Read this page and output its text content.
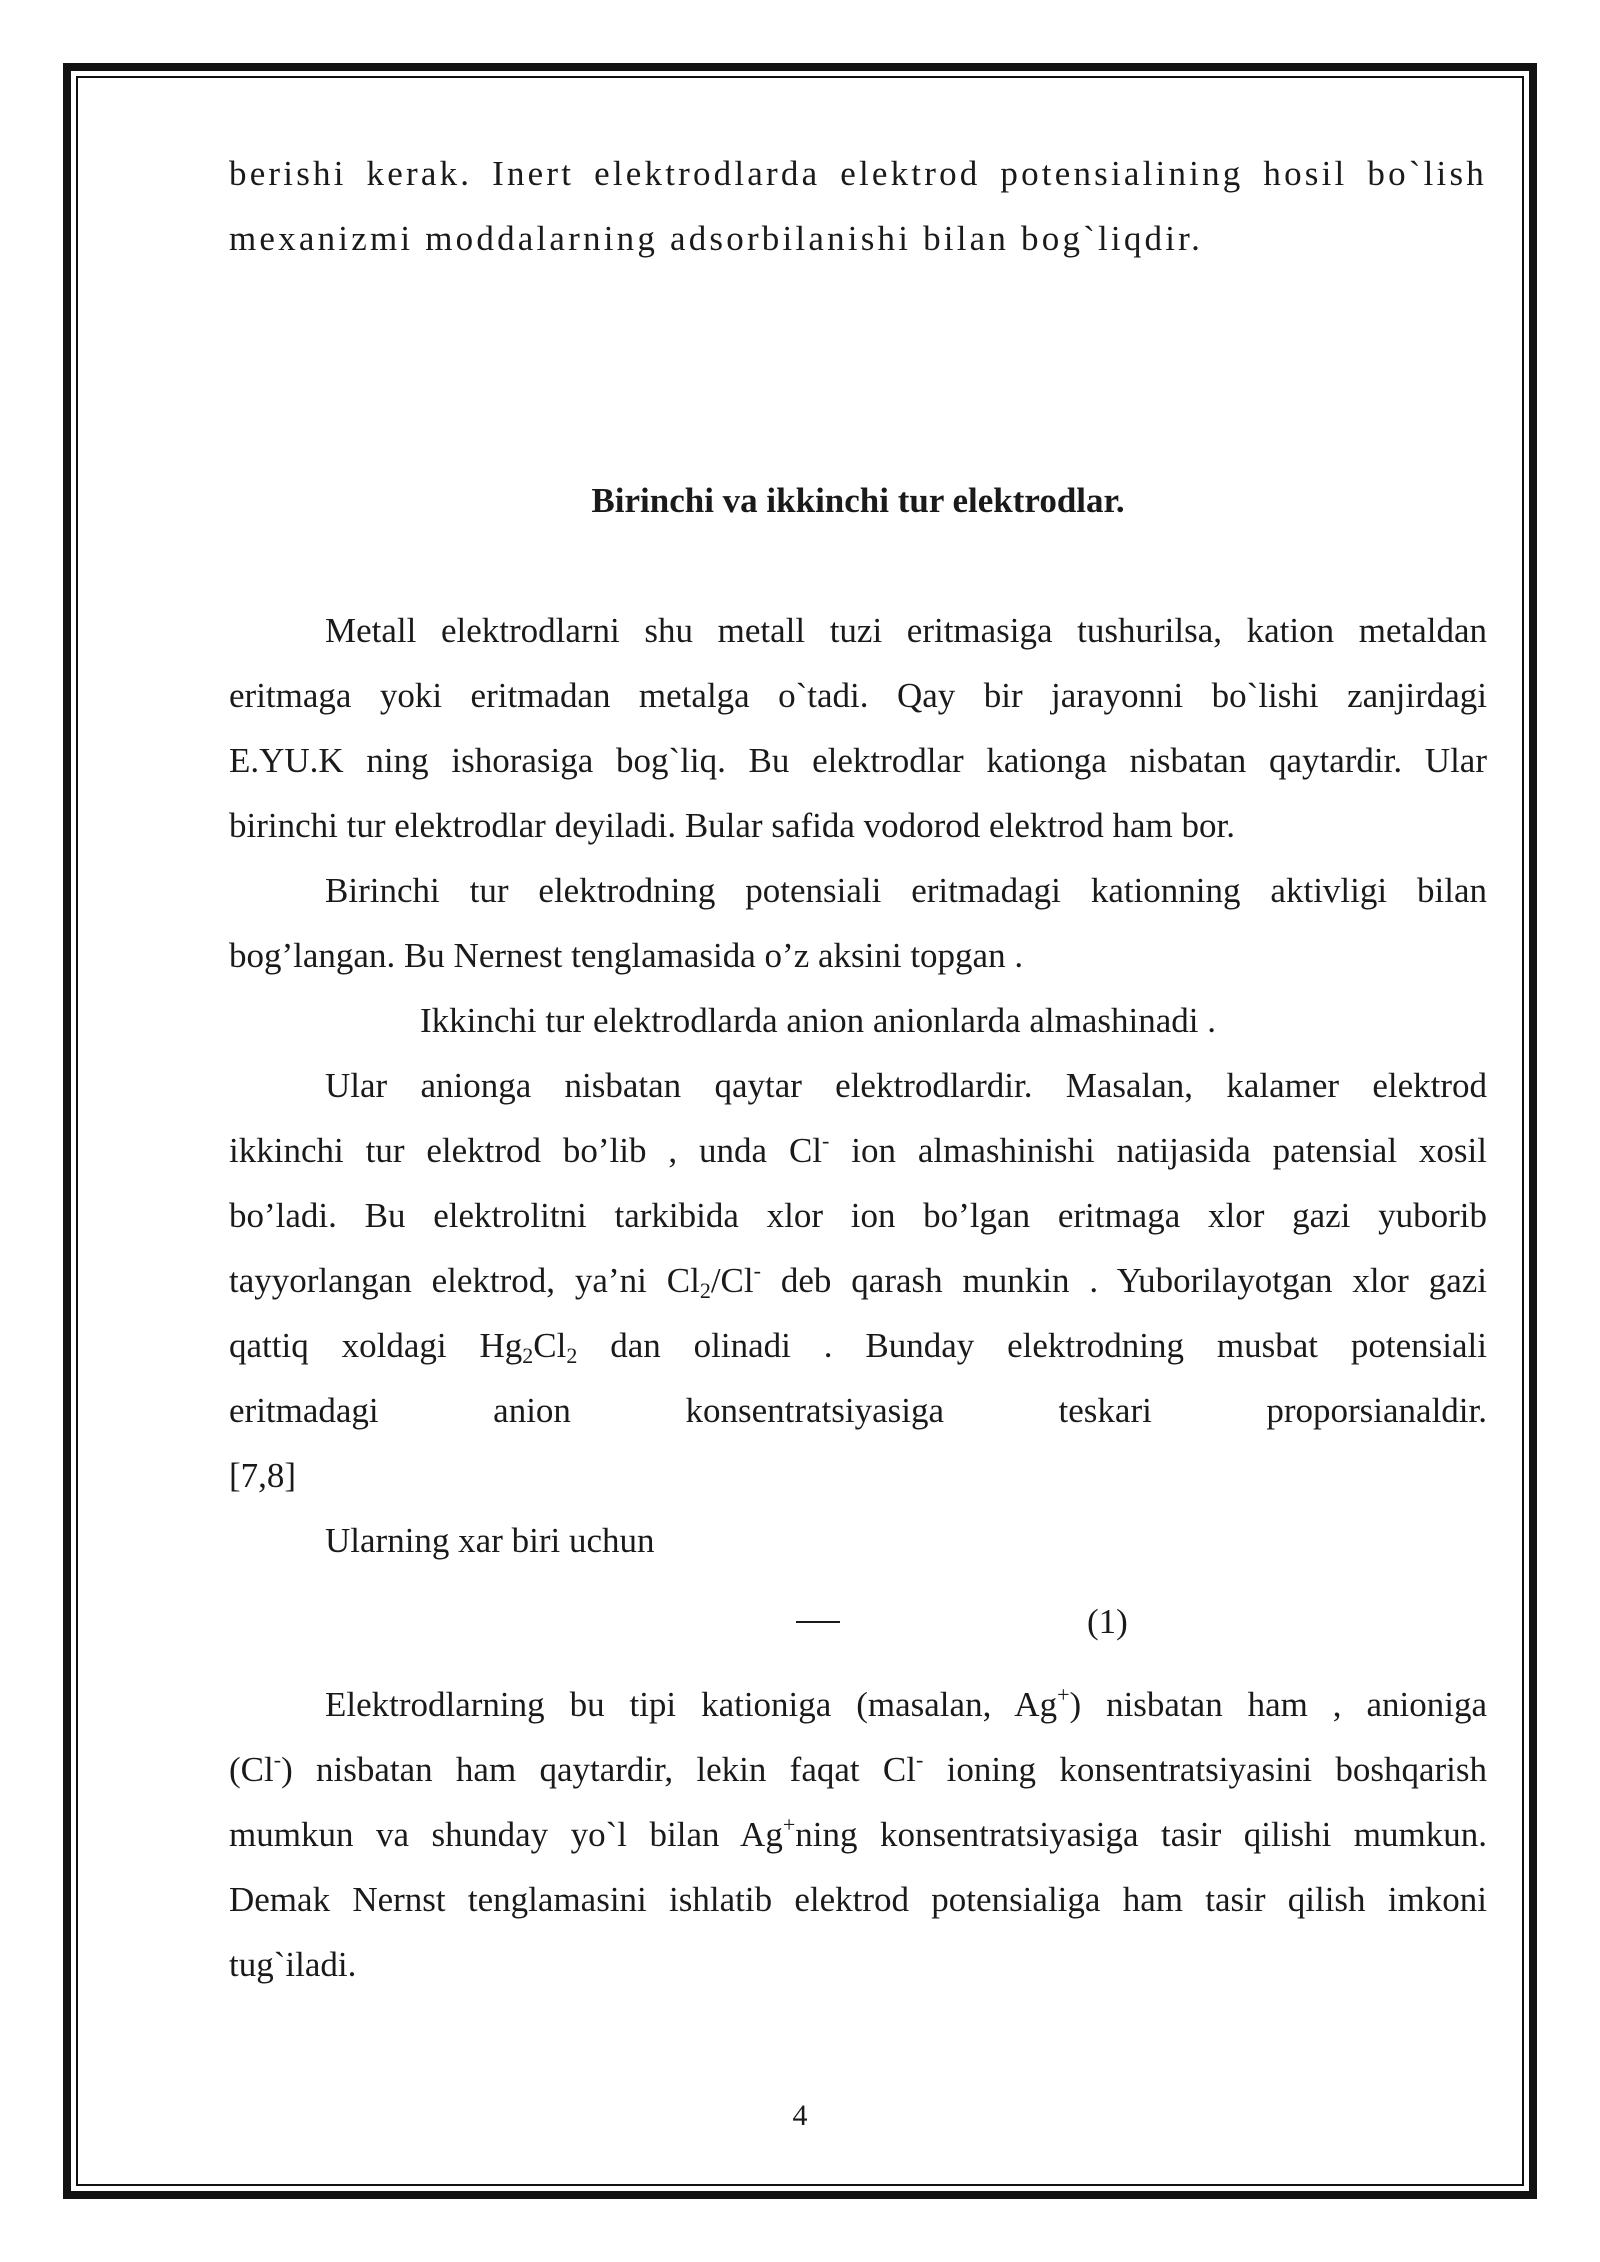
berishi kerak. Inert elektrodlarda elektrod potensialining hosil bo`lish
mexanizmi moddalarning adsorbilanishi bilan bog`liqdir.
Birinchi va ikkinchi tur elektrodlar.
Metall elektrodlarni shu metall tuzi eritmasiga tushurilsa, kation metaldan
eritmaga yoki eritmadan metalga o`tadi. Qay bir jarayonni bo`lishi zanjirdagi
E.YU.K ning ishorasiga bog`liq. Bu elektrodlar kationga nisbatan qaytardir. Ular
birinchi tur elektrodlar deyiladi. Bular safida vodorod elektrod ham bor.
Birinchi tur elektrodning potensiali eritmadagi kationning aktivligi bilan
bog’langan. Bu Nernest tenglamasida o’z aksini topgan .
Ikkinchi tur elektrodlarda anion anionlarda almashinadi .
Ular anionga nisbatan qaytar elektrodlardir. Masalan, kalamer elektrod
ikkinchi tur elektrod bo’lib , unda Cl- ion almashinishi natijasida patensial xosil
bo’ladi. Bu elektrolitni tarkibida xlor ion bo’lgan eritmaga xlor gazi yuborib
tayyorlangan elektrod, ya’ni $Cl_2/Cl^-$ deb qarash munkin . Yuborilayotgan xlor gazi
qattiq xoldagi $Hg_2Cl_2$ dan olinadi . Bunday elektrodning musbat potensiali
eritmadagi anion konsentratsiyasiga teskari proporsianaldir.
[7,8]
Ularning xar biri uchun
(1)
Elektrodlarning bu tipi kationiga (masalan, Ag+) nisbatan ham , anioniga
(Cl-) nisbatan ham qaytardir, lekin faqat Cl- ioning konsentratsiyasini boshqarish
mumkun va shunday yo`l bilan Ag+ning konsentratsiyasiga tasir qilishi mumkun.
Demak Nernst tenglamasini ishlatib elektrod potensialiga ham tasir qilish imkoni
tug`iladi.
4
